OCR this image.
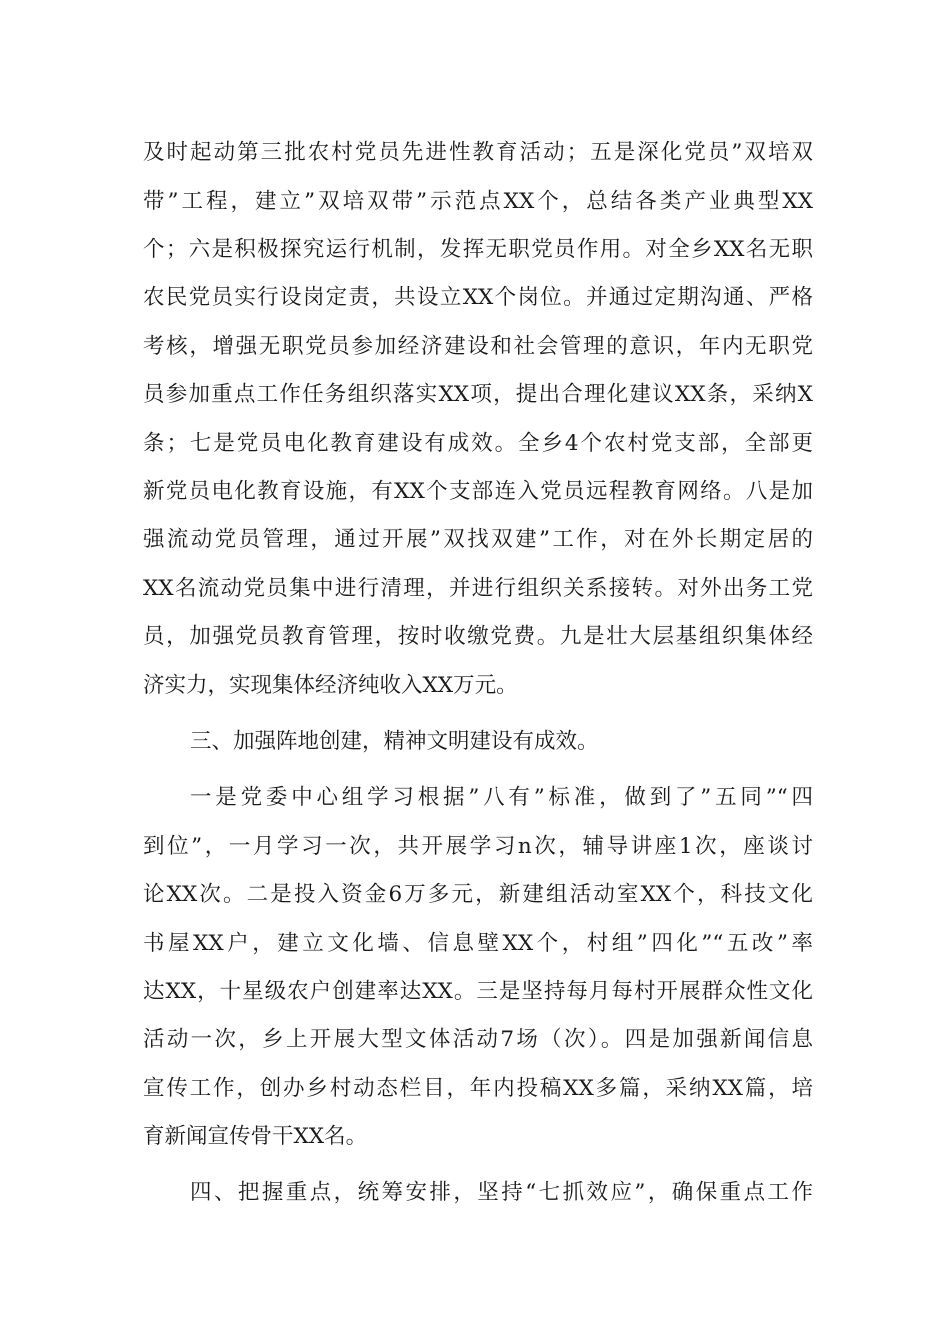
及时起动第三批农村党员先进性教育活动；五是深化党员”双培双

带”工程，建立”双培双带”示范点XX个，总结各类产业典型XX

个；六是积极探究运行机制，发挥无职党员作用。对全乡XX名无职

农民党员实行设岗定责，共设立XX个岗位。并通过定期沟通、严格

考核，增强无职党员参加经济建设和社会管理的意识，年内无职党

员参加重点工作任务组织落实XX项，提出合理化建议XX条，采纳X

条；七是党员电化教育建设有成效。全乡4个农村党支部，全部更

新党员电化教育设施，有XX个支部连入党员远程教育网络。八是加

强流动党员管理，通过开展”双找双建”工作，对在外长期定居的

XX名流动党员集中进行清理，并进行组织关系接转。对外出务工党

员，加强党员教育管理，按时收缴党费。九是壮大层基组织集体经

济实力，实现集体经济纯收入XX万元。

三、加强阵地创建，精神文明建设有成效。

一是党委中心组学习根据”八有”标准，做到了”五同”“四

到位”，一月学习一次，共开展学习n次，辅导讲座1次，座谈讨

论XX次。二是投入资金6万多元，新建组活动室XX个，科技文化

书屋XX户，建立文化墙、信息壁XX个，村组”四化”“五改”率

达XX，十星级农户创建率达XX。三是坚持每月每村开展群众性文化

活动一次，乡上开展大型文体活动7场（次）。四是加强新闻信息

宣传工作，创办乡村动态栏目，年内投稿XX多篇，采纳XX篇，培

育新闻宣传骨干XX名。

四、把握重点，统筹安排，坚持“七抓效应”，确保重点工作
